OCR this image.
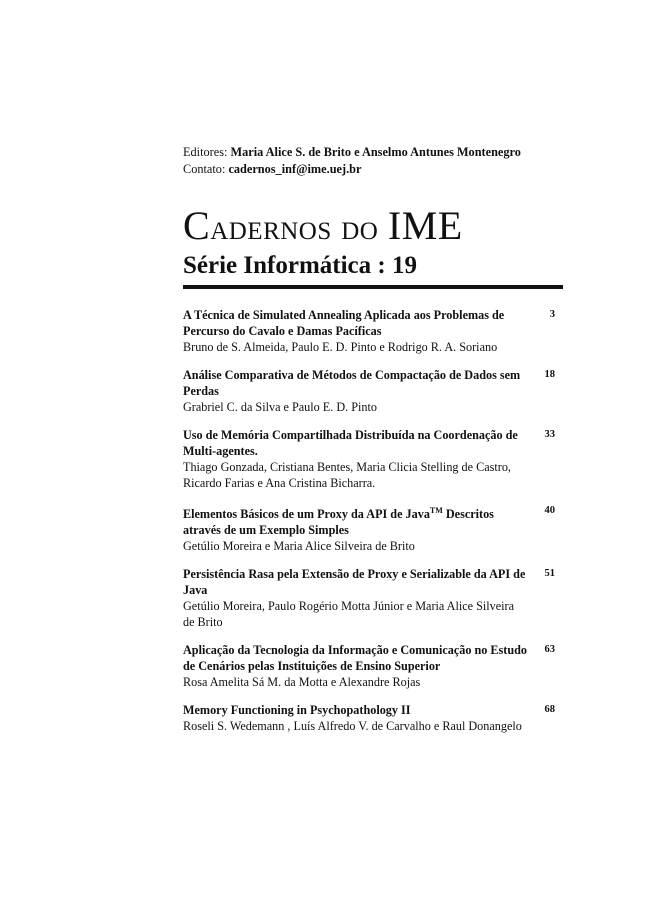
Editores: Maria Alice S. de Brito e Anselmo Antunes Montenegro
Contato: cadernos_inf@ime.uej.br
Cadernos do IME
Série Informática : 19
A Técnica de Simulated Annealing Aplicada aos Problemas de Percurso do Cavalo e Damas Pacíficas
Bruno de S. Almeida, Paulo E. D. Pinto e Rodrigo R. A. Soriano
3
Análise Comparativa de Métodos de Compactação de Dados sem Perdas
Grabriel C. da Silva e Paulo E. D. Pinto
18
Uso de Memória Compartilhada Distribuída na Coordenação de Multi-agentes.
Thiago Gonzada, Cristiana Bentes, Maria Clicia Stelling de Castro, Ricardo Farias e Ana Cristina Bicharra.
33
Elementos Básicos de um Proxy da API de Java™ Descritos através de um Exemplo Simples
Getúlio Moreira e Maria Alice Silveira de Brito
40
Persistência Rasa pela Extensão de Proxy e Serializable da API de Java
Getúlio Moreira, Paulo Rogério Motta Júnior e Maria Alice Silveira de Brito
51
Aplicação da Tecnologia da Informação e Comunicação no Estudo de Cenários pelas Instituições de Ensino Superior
Rosa Amelita Sá M. da Motta e Alexandre Rojas
63
Memory Functioning in Psychopathology II
Roseli S. Wedemann , Luís Alfredo V. de Carvalho e Raul Donangelo
68
